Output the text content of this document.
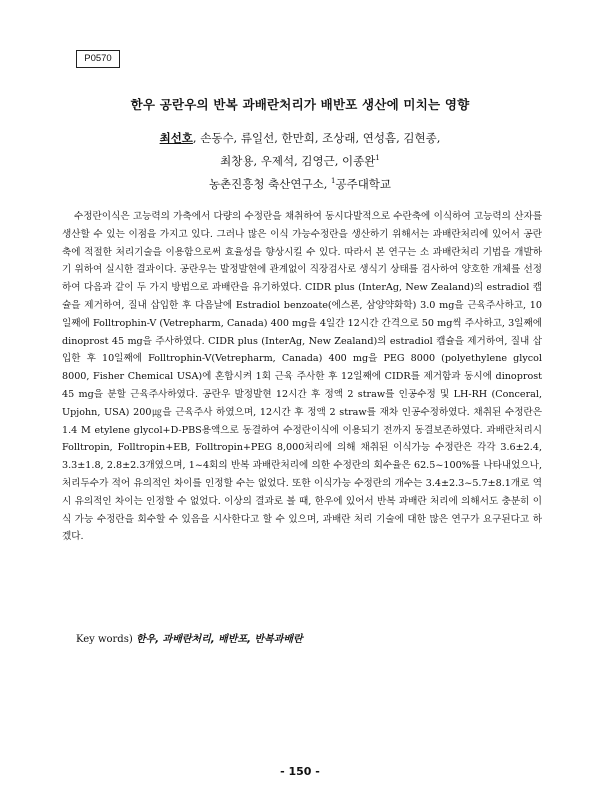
P0570
한우 공란우의 반복 과배란처리가 배반포 생산에 미치는 영향
최선호, 손동수, 류일선, 한만희, 조상래, 연성흠, 김현종,
최창용, 우제석, 김영근, 이종완$^1$
농촌진흥청 축산연구소, $^1$공주대학교

수정란이식은 고능력의 가축에서 다량의 수정란을 채취하여 동시다발적으로 수란축에 이식하여 고능력의 산자를 생산할 수 있는 이점을 가지고 있다. 그러나 많은 이식 가능수정란을 생산하기 위해서는 과배란처리에 있어서 공란축에 적절한 처리기술을 이용함으로써 효율성을 향상시킬 수 있다. 따라서 본 연구는 소 과배란처리 기법을 개발하기 위하여 실시한 결과이다. 공란우는 발정발현에 관계없이 직장검사로 생식기 상태를 검사하여 양호한 개체를 선정하여 다음과 같이 두 가지 방법으로 과배란을 유기하였다. CIDR plus (InterAg, New Zealand)의 estradiol 캡슐을 제거하여, 질내 삽입한 후 다음날에 Estradiol benzoate(에스론, 삼양약화학) 3.0 mg을 근육주사하고, 10일째에 Folltrophin-V (Vetrepharm, Canada) 400 mg을 4일간 12시간 간격으로 50 mg씩 주사하고, 3일째에 dinoprost 45 mg을 주사하였다. CIDR plus (InterAg, New Zealand)의 estradiol 캡슐을 제거하여, 질내 삽입한 후 10일째에 Folltrophin-V(Vetrepharm, Canada) 400 mg을 PEG 8000 (polyethylene glycol 8000, Fisher Chemical USA)에 혼합시켜 1회 근육 주사한 후 12일째에 CIDR를 제거함과 동시에 dinoprost 45 mg을 분할 근육주사하였다. 공란우 발정발현 12시간 후 정액 2 straw를 인공수정 및 LH-RH (Conceral, Upjohn, USA) 200㎍을 근육주사 하였으며, 12시간 후 정액 2 straw를 재차 인공수정하였다. 채취된 수정란은 1.4 M etylene glycol+D-PBS용액으로 동결하여 수정란이식에 이용되기 전까지 동결보존하였다. 과배란처리시 Folltropin, Folltropin+EB, Folltropin+PEG 8,000처리에 의해 채취된 이식가능 수정란은 각각 3.6±2.4, 3.3±1.8, 2.8±2.3개였으며, 1~4회의 반복 과배란처리에 의한 수정란의 회수율은 62.5~100%를 나타내었으나, 처리두수가 적어 유의적인 차이를 인정할 수는 없었다. 또한 이식가능 수정란의 개수는 3.4±2.3~5.7±8.1개로 역시 유의적인 차이는 인정할 수 없었다. 이상의 결과로 볼 때, 한우에 있어서 반복 과배란 처리에 의해서도 충분히 이식 가능 수정란을 회수할 수 있음을 시사한다고 할 수 있으며, 과배란 처리 기술에 대한 많은 연구가 요구된다고 하겠다.

Key words) 한우, 과배란처리, 배반포, 반복과배란
- 150 -
